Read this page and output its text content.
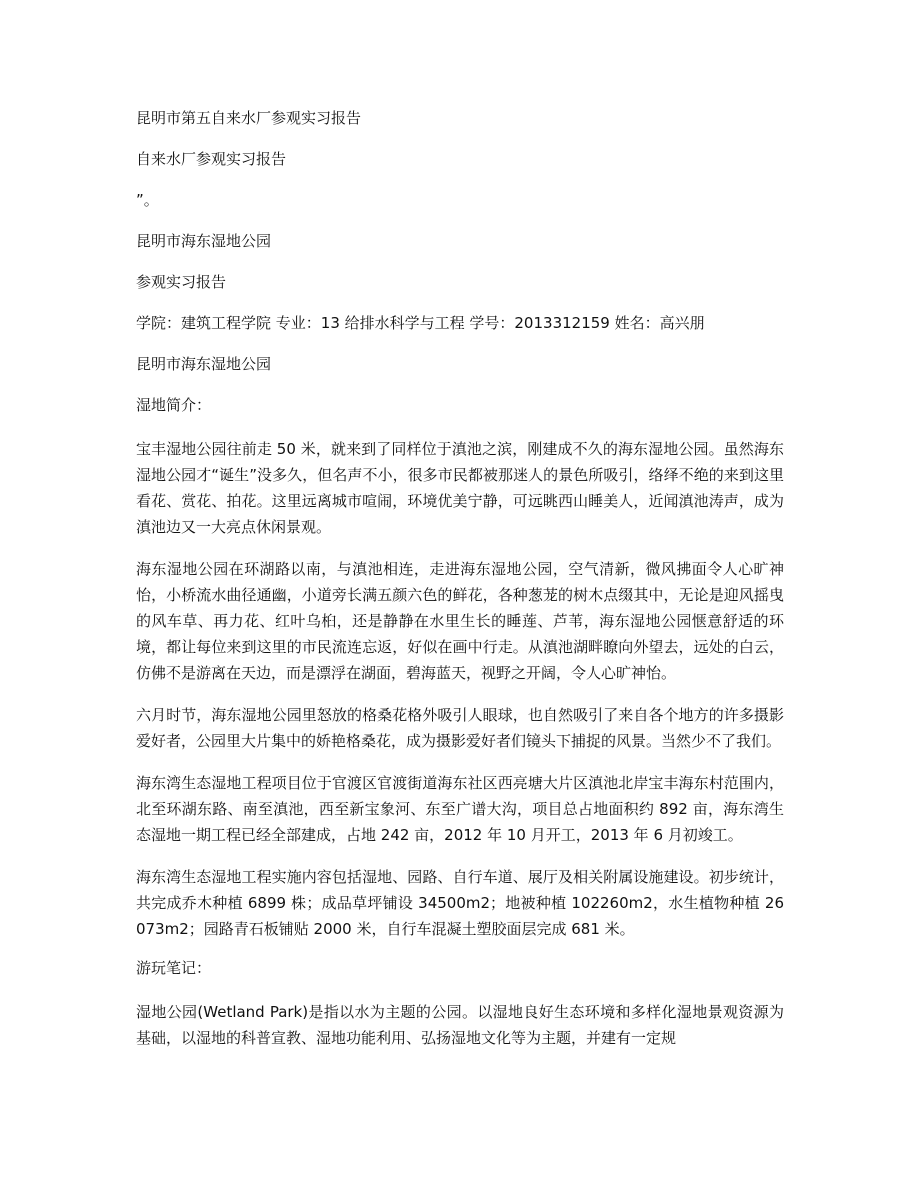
昆明市第五自来水厂参观实习报告
自来水厂参观实习报告
”。
昆明市海东湿地公园
参观实习报告
学院：建筑工程学院 专业：13 给排水科学与工程 学号：2013312159 姓名：高兴朋
昆明市海东湿地公园
湿地简介：

宝丰湿地公园往前走 50 米，就来到了同样位于滇池之滨，刚建成不久的海东湿地公园。虽然海东湿地公园才“诞生”没多久，但名声不小，很多市民都被那迷人的景色所吸引，络绎不绝的来到这里看花、赏花、拍花。这里远离城市喧闹，环境优美宁静，可远眺西山睡美人，近闻滇池涛声，成为滇池边又一大亮点休闲景观。

海东湿地公园在环湖路以南，与滇池相连，走进海东湿地公园，空气清新，微风拂面令人心旷神怡，小桥流水曲径通幽，小道旁长满五颜六色的鲜花，各种葱茏的树木点缀其中，无论是迎风摇曳的风车草、再力花、红叶乌桕，还是静静在水里生长的睡莲、芦苇，海东湿地公园惬意舒适的环境，都让每位来到这里的市民流连忘返，好似在画中行走。从滇池湖畔瞭向外望去，远处的白云，仿佛不是游离在天边，而是漂浮在湖面，碧海蓝天，视野之开阔，令人心旷神怡。

六月时节，海东湿地公园里怒放的格桑花格外吸引人眼球，也自然吸引了来自各个地方的许多摄影爱好者，公园里大片集中的娇艳格桑花，成为摄影爱好者们镜头下捕捉的风景。当然少不了我们。

海东湾生态湿地工程项目位于官渡区官渡街道海东社区西亮塘大片区滇池北岸宝丰海东村范围内，北至环湖东路、南至滇池，西至新宝象河、东至广谱大沟，项目总占地面积约 892 亩，海东湾生态湿地一期工程已经全部建成，占地 242 亩，2012 年 10 月开工，2013 年 6 月初竣工。

海东湾生态湿地工程实施内容包括湿地、园路、自行车道、展厅及相关附属设施建设。初步统计，共完成乔木种植 6899 株；成品草坪铺设 34500m2；地被种植 102260m2，水生植物种植 26073m2；园路青石板铺贴 2000 米，自行车混凝土塑胶面层完成 681 米。

游玩笔记：

湿地公园(Wetland Park)是指以水为主题的公园。以湿地良好生态环境和多样化湿地景观资源为基础，以湿地的科普宣教、湿地功能利用、弘扬湿地文化等为主题，并建有一定规
